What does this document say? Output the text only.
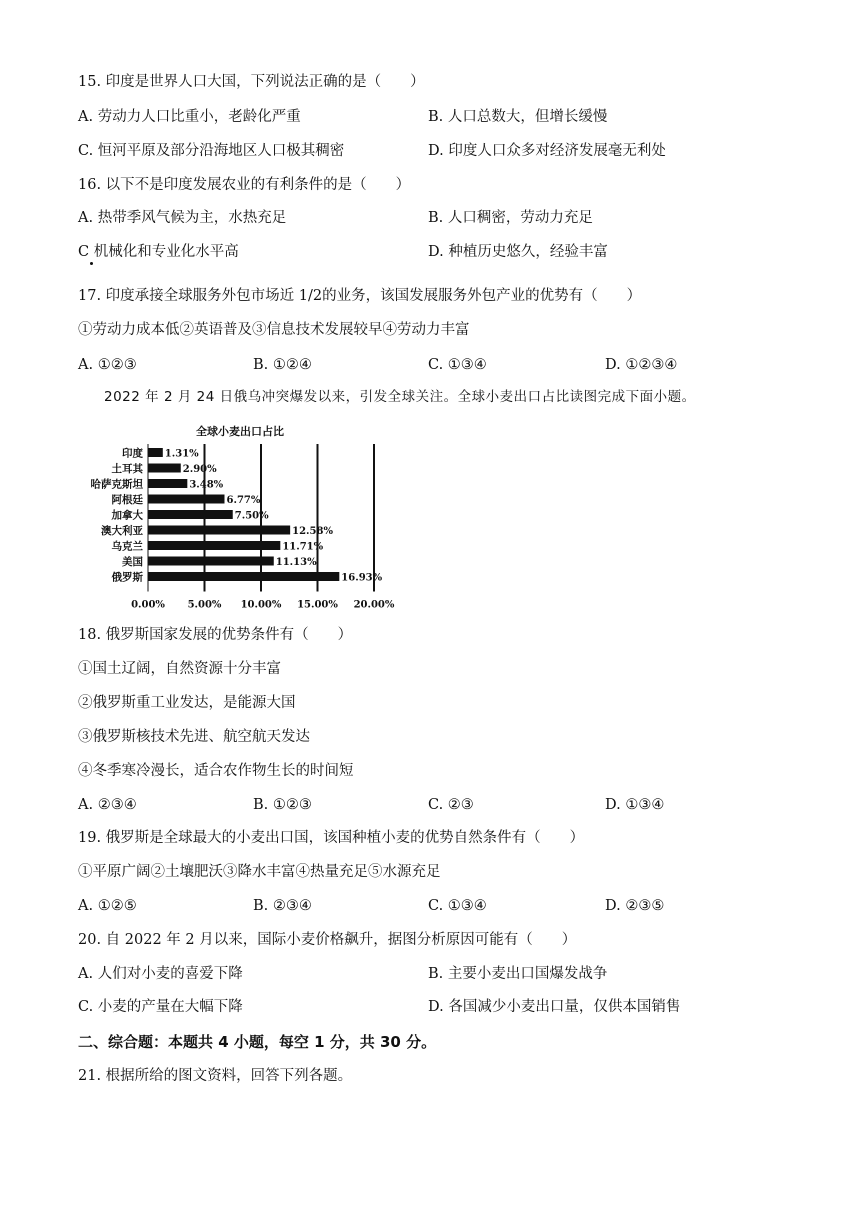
15. 印度是世界人口大国，下列说法正确的是（　　）
A. 劳动力人口比重小，老龄化严重	B. 人口总数大，但增长缓慢
C. 恒河平原及部分沿海地区人口极其稠密	D. 印度人口众多对经济发展毫无利处
16. 以下不是印度发展农业的有利条件的是（　　）
A. 热带季风气候为主，水热充足	B. 人口稠密，劳动力充足
C 机械化和专业化水平高	D. 种植历史悠久，经验丰富
17. 印度承接全球服务外包市场近 1/2的业务，该国发展服务外包产业的优势有（　　）
①劳动力成本低②英语普及③信息技术发展较早④劳动力丰富
A. ①②③	B. ①②④	C. ①③④	D. ①②③④
2022 年 2 月 24 日俄乌冲突爆发以来，引发全球关注。全球小麦出口占比读图完成下面小题。
全球小麦出口占比
0.00% 5.00% 10.00% 15.00% 20.00%
印度 1.31%
土耳其	2.90%
哈萨克斯坦	3.48%
阿根廷	6.77%
加拿大	7.50%
澳大利亚	12.58%
乌克兰	11.71%
美国	11.13%
俄罗斯	16.93%
18. 俄罗斯国家发展的优势条件有（　　）
①国土辽阔，自然资源十分丰富
②俄罗斯重工业发达，是能源大国
③俄罗斯核技术先进、航空航天发达
④冬季寒冷漫长，适合农作物生长的时间短
A. ②③④	B. ①②③	C. ②③	D. ①③④
19. 俄罗斯是全球最大的小麦出口国，该国种植小麦的优势自然条件有（　　）
①平原广阔②土壤肥沃③降水丰富④热量充足⑤水源充足
A. ①②⑤	B. ②③④	C. ①③④	D. ②③⑤
20. 自 2022 年 2 月以来，国际小麦价格飙升，据图分析原因可能有（　　）
A. 人们对小麦的喜爱下降	B. 主要小麦出口国爆发战争
C. 小麦的产量在大幅下降	D. 各国减少小麦出口量，仅供本国销售
二、综合题：本题共 4 小题，每空 1 分，共 30 分。
21. 根据所给的图文资料，回答下列各题。
